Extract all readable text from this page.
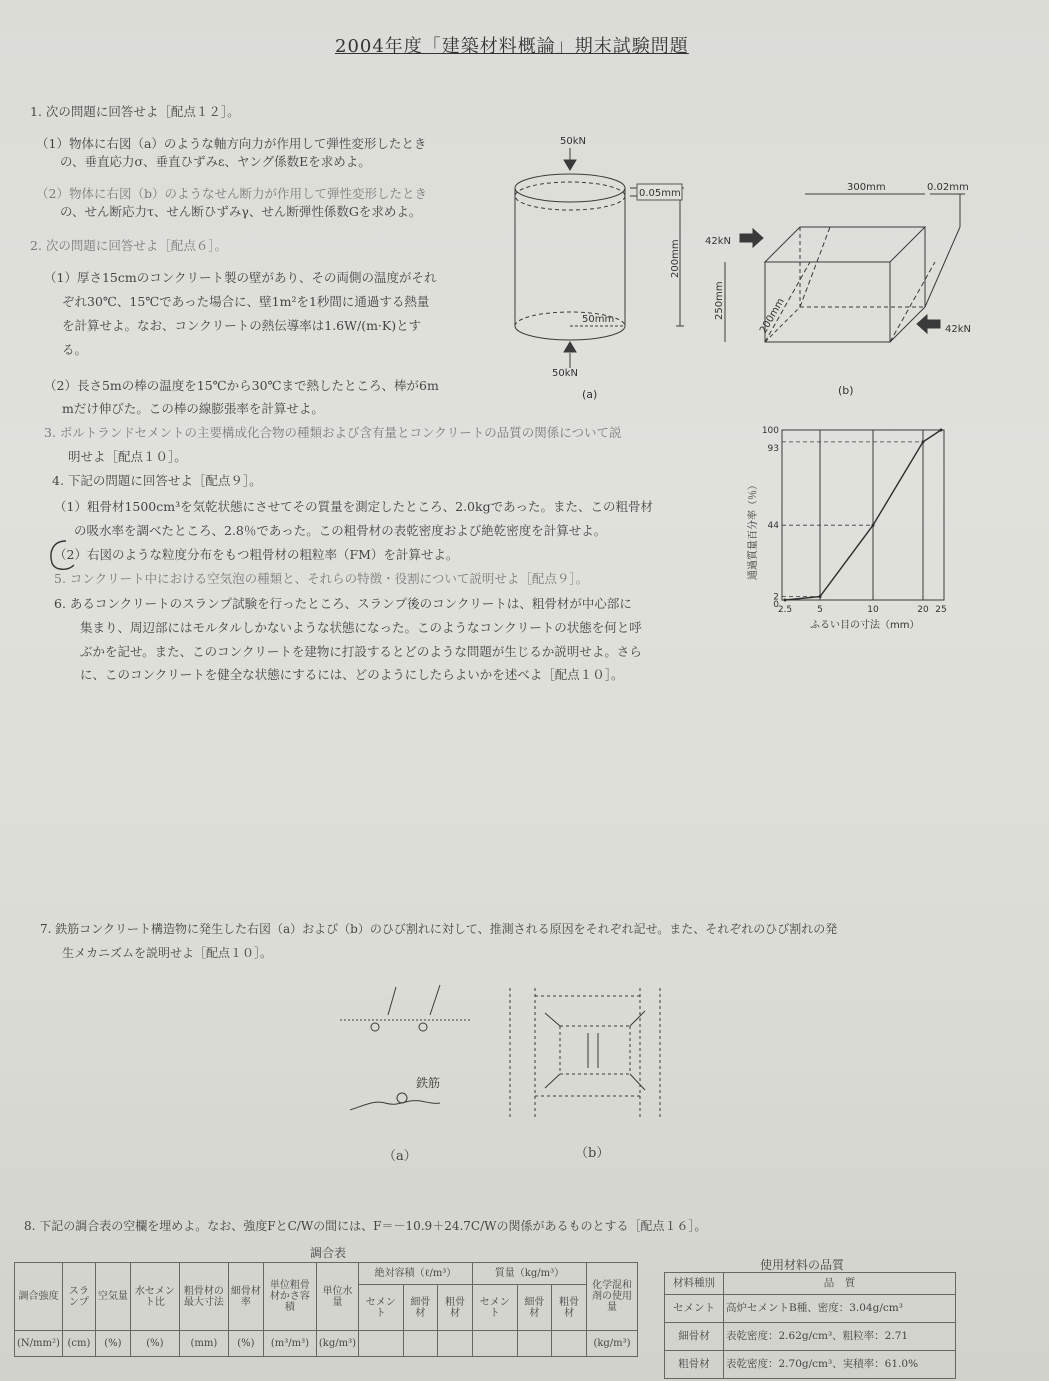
2004年度「建築材料概論」期末試験問題
1. 次の問題に回答せよ［配点１２］。
（1）物体に右図（a）のような軸方向力が作用して弾性変形したとき
の、垂直応力σ、垂直ひずみε、ヤング係数Eを求めよ。
（2）物体に右図（b）のようなせん断力が作用して弾性変形したとき
の、せん断応力τ、せん断ひずみγ、せん断弾性係数Gを求めよ。
2. 次の問題に回答せよ［配点６］。
（1）厚さ15cmのコンクリート製の壁があり、その両側の温度がそれ
ぞれ30℃、15℃であった場合に、壁1m²を1秒間に通過する熱量
を計算せよ。なお、コンクリートの熱伝導率は1.6W/(m·K)とす
る。
（2）長さ5mの棒の温度を15℃から30℃まで熱したところ、棒が6m
mだけ伸びた。この棒の線膨張率を計算せよ。
3. ポルトランドセメントの主要構成化合物の種類および含有量とコンクリートの品質の関係について説
明せよ［配点１０］。
4. 下記の問題に回答せよ［配点９］。
（1）粗骨材1500cm³を気乾状態にさせてその質量を測定したところ、2.0kgであった。また、この粗骨材
の吸水率を調べたところ、2.8％であった。この粗骨材の表乾密度および絶乾密度を計算せよ。
（2）右図のような粒度分布をもつ粗骨材の粗粒率（FM）を計算せよ。
5. コンクリート中における空気泡の種類と、それらの特徴・役割について説明せよ［配点９］。
6. あるコンクリートのスランプ試験を行ったところ、スランプ後のコンクリートは、粗骨材が中心部に
集まり、周辺部にはモルタルしかないような状態になった。このようなコンクリートの状態を何と呼
ぶかを記せ。また、このコンクリートを建物に打設するとどのような問題が生じるか説明せよ。さら
に、このコンクリートを健全な状態にするには、どのようにしたらよいかを述べよ［配点１０］。
50kN
0.05mm
200mm
50mm
50kN
(a)
300mm	0.02mm
42kN
42kN
250mm	200mm
(b)
100
93
44
2
0
2.5	5	10	20 25
通過質量百分率（％）
ふるい目の寸法（mm）
7. 鉄筋コンクリート構造物に発生した右図（a）および（b）のひび割れに対して、推測される原因をそれぞれ記せ。また、それぞれのひび割れの発
生メカニズムを説明せよ［配点１０］。
鉄筋
（a）	（b）
8. 下記の調合表の空欄を埋めよ。なお、強度FとC/Wの間には、F＝－10.9＋24.7C/Wの関係があるものとする［配点１６］。
調合表
調合強度	スランプ	空気量	水セメント比	粗骨材の最大寸法	細骨材率	単位粗骨材かさ容積	単位水量	絶対容積（ℓ/m³）			質量（kg/m³）			化学混和剤の使用量
								セメント	細骨材	粗骨材	セメント	細骨材	粗骨材	
(N/mm²)	(cm)	(%)	(%)	(mm)	(%)	(m³/m³)	(kg/m³)							(kg/m³)
使用材料の品質
材料種別	品　質
セメント	高炉セメントB種、密度：3.04g/cm³
細骨材	表乾密度：2.62g/cm³、粗粒率：2.71
粗骨材	表乾密度：2.70g/cm³、実積率：61.0%
